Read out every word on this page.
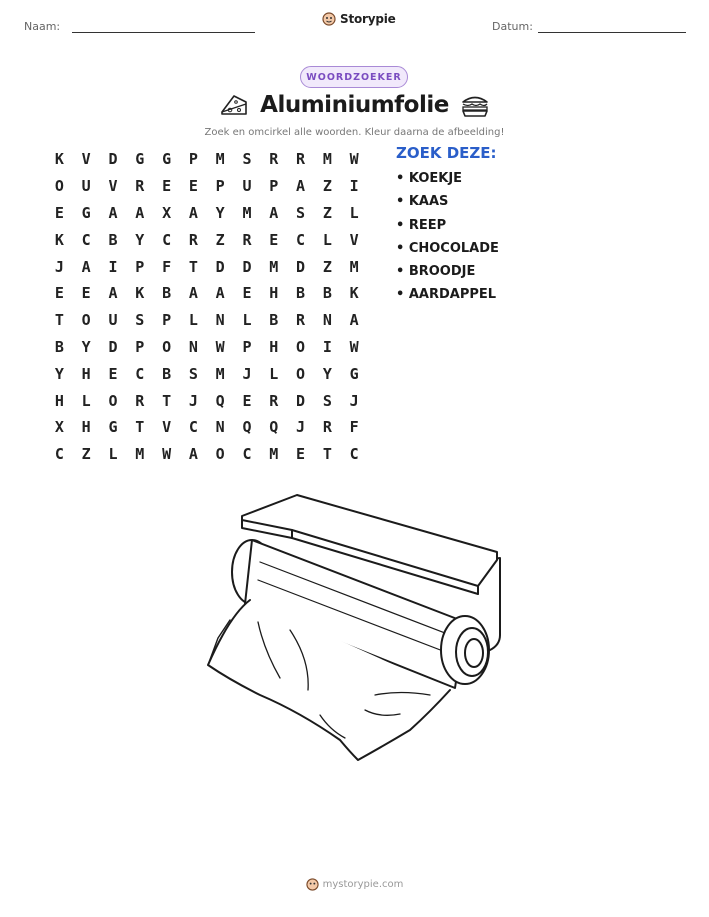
Naam:
Storypie
Datum:
WOORDZOEKER
Aluminiumfolie
Zoek en omcirkel alle woorden. Kleur daarna de afbeelding!
K	V	D	G	G	P	M	S	R	R	M	W
O	U	V	R	E	E	P	U	P	A	Z	I
E	G	A	A	X	A	Y	M	A	S	Z	L
K	C	B	Y	C	R	Z	R	E	C	L	V
J	A	I	P	F	T	D	D	M	D	Z	M
E	E	A	K	B	A	A	E	H	B	B	K
T	O	U	S	P	L	N	L	B	R	N	A
B	Y	D	P	O	N	W	P	H	O	I	W
Y	H	E	C	B	S	M	J	L	O	Y	G
H	L	O	R	T	J	Q	E	R	D	S	J
X	H	G	T	V	C	N	Q	Q	J	R	F
C	Z	L	M	W	A	O	C	M	E	T	C
ZOEK DEZE:
• KOEKJE
• KAAS
• REEP
• CHOCOLADE
• BROODJE
• AARDAPPEL
mystorypie.com
